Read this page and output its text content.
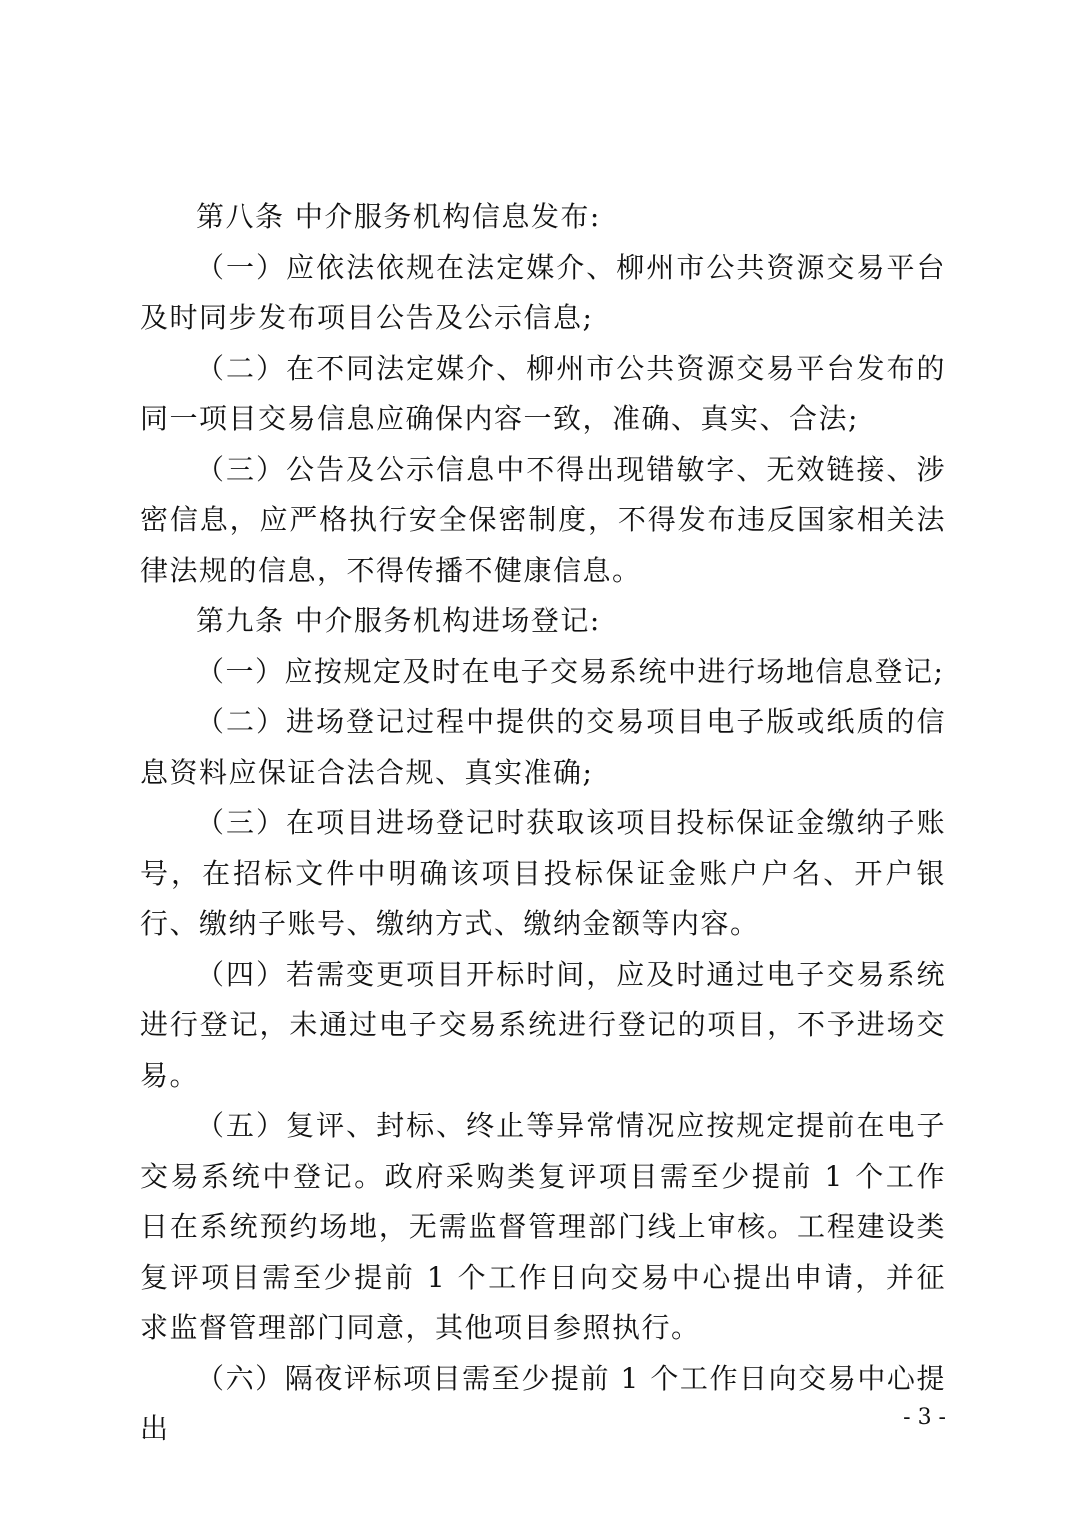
第八条 中介服务机构信息发布:

（一）应依法依规在法定媒介、柳州市公共资源交易平台及时同步发布项目公告及公示信息;

（二）在不同法定媒介、柳州市公共资源交易平台发布的同一项目交易信息应确保内容一致，准确、真实、合法;

（三）公告及公示信息中不得出现错敏字、无效链接、涉密信息，应严格执行安全保密制度，不得发布违反国家相关法律法规的信息，不得传播不健康信息。

第九条 中介服务机构进场登记:

（一）应按规定及时在电子交易系统中进行场地信息登记;

（二）进场登记过程中提供的交易项目电子版或纸质的信息资料应保证合法合规、真实准确;

（三）在项目进场登记时获取该项目投标保证金缴纳子账号，在招标文件中明确该项目投标保证金账户户名、开户银行、缴纳子账号、缴纳方式、缴纳金额等内容。

（四）若需变更项目开标时间，应及时通过电子交易系统进行登记，未通过电子交易系统进行登记的项目，不予进场交易。

（五）复评、封标、终止等异常情况应按规定提前在电子交易系统中登记。政府采购类复评项目需至少提前 1 个工作日在系统预约场地，无需监督管理部门线上审核。工程建设类复评项目需至少提前 1 个工作日向交易中心提出申请，并征求监督管理部门同意，其他项目参照执行。

（六）隔夜评标项目需至少提前 1 个工作日向交易中心提出	- 3 -
